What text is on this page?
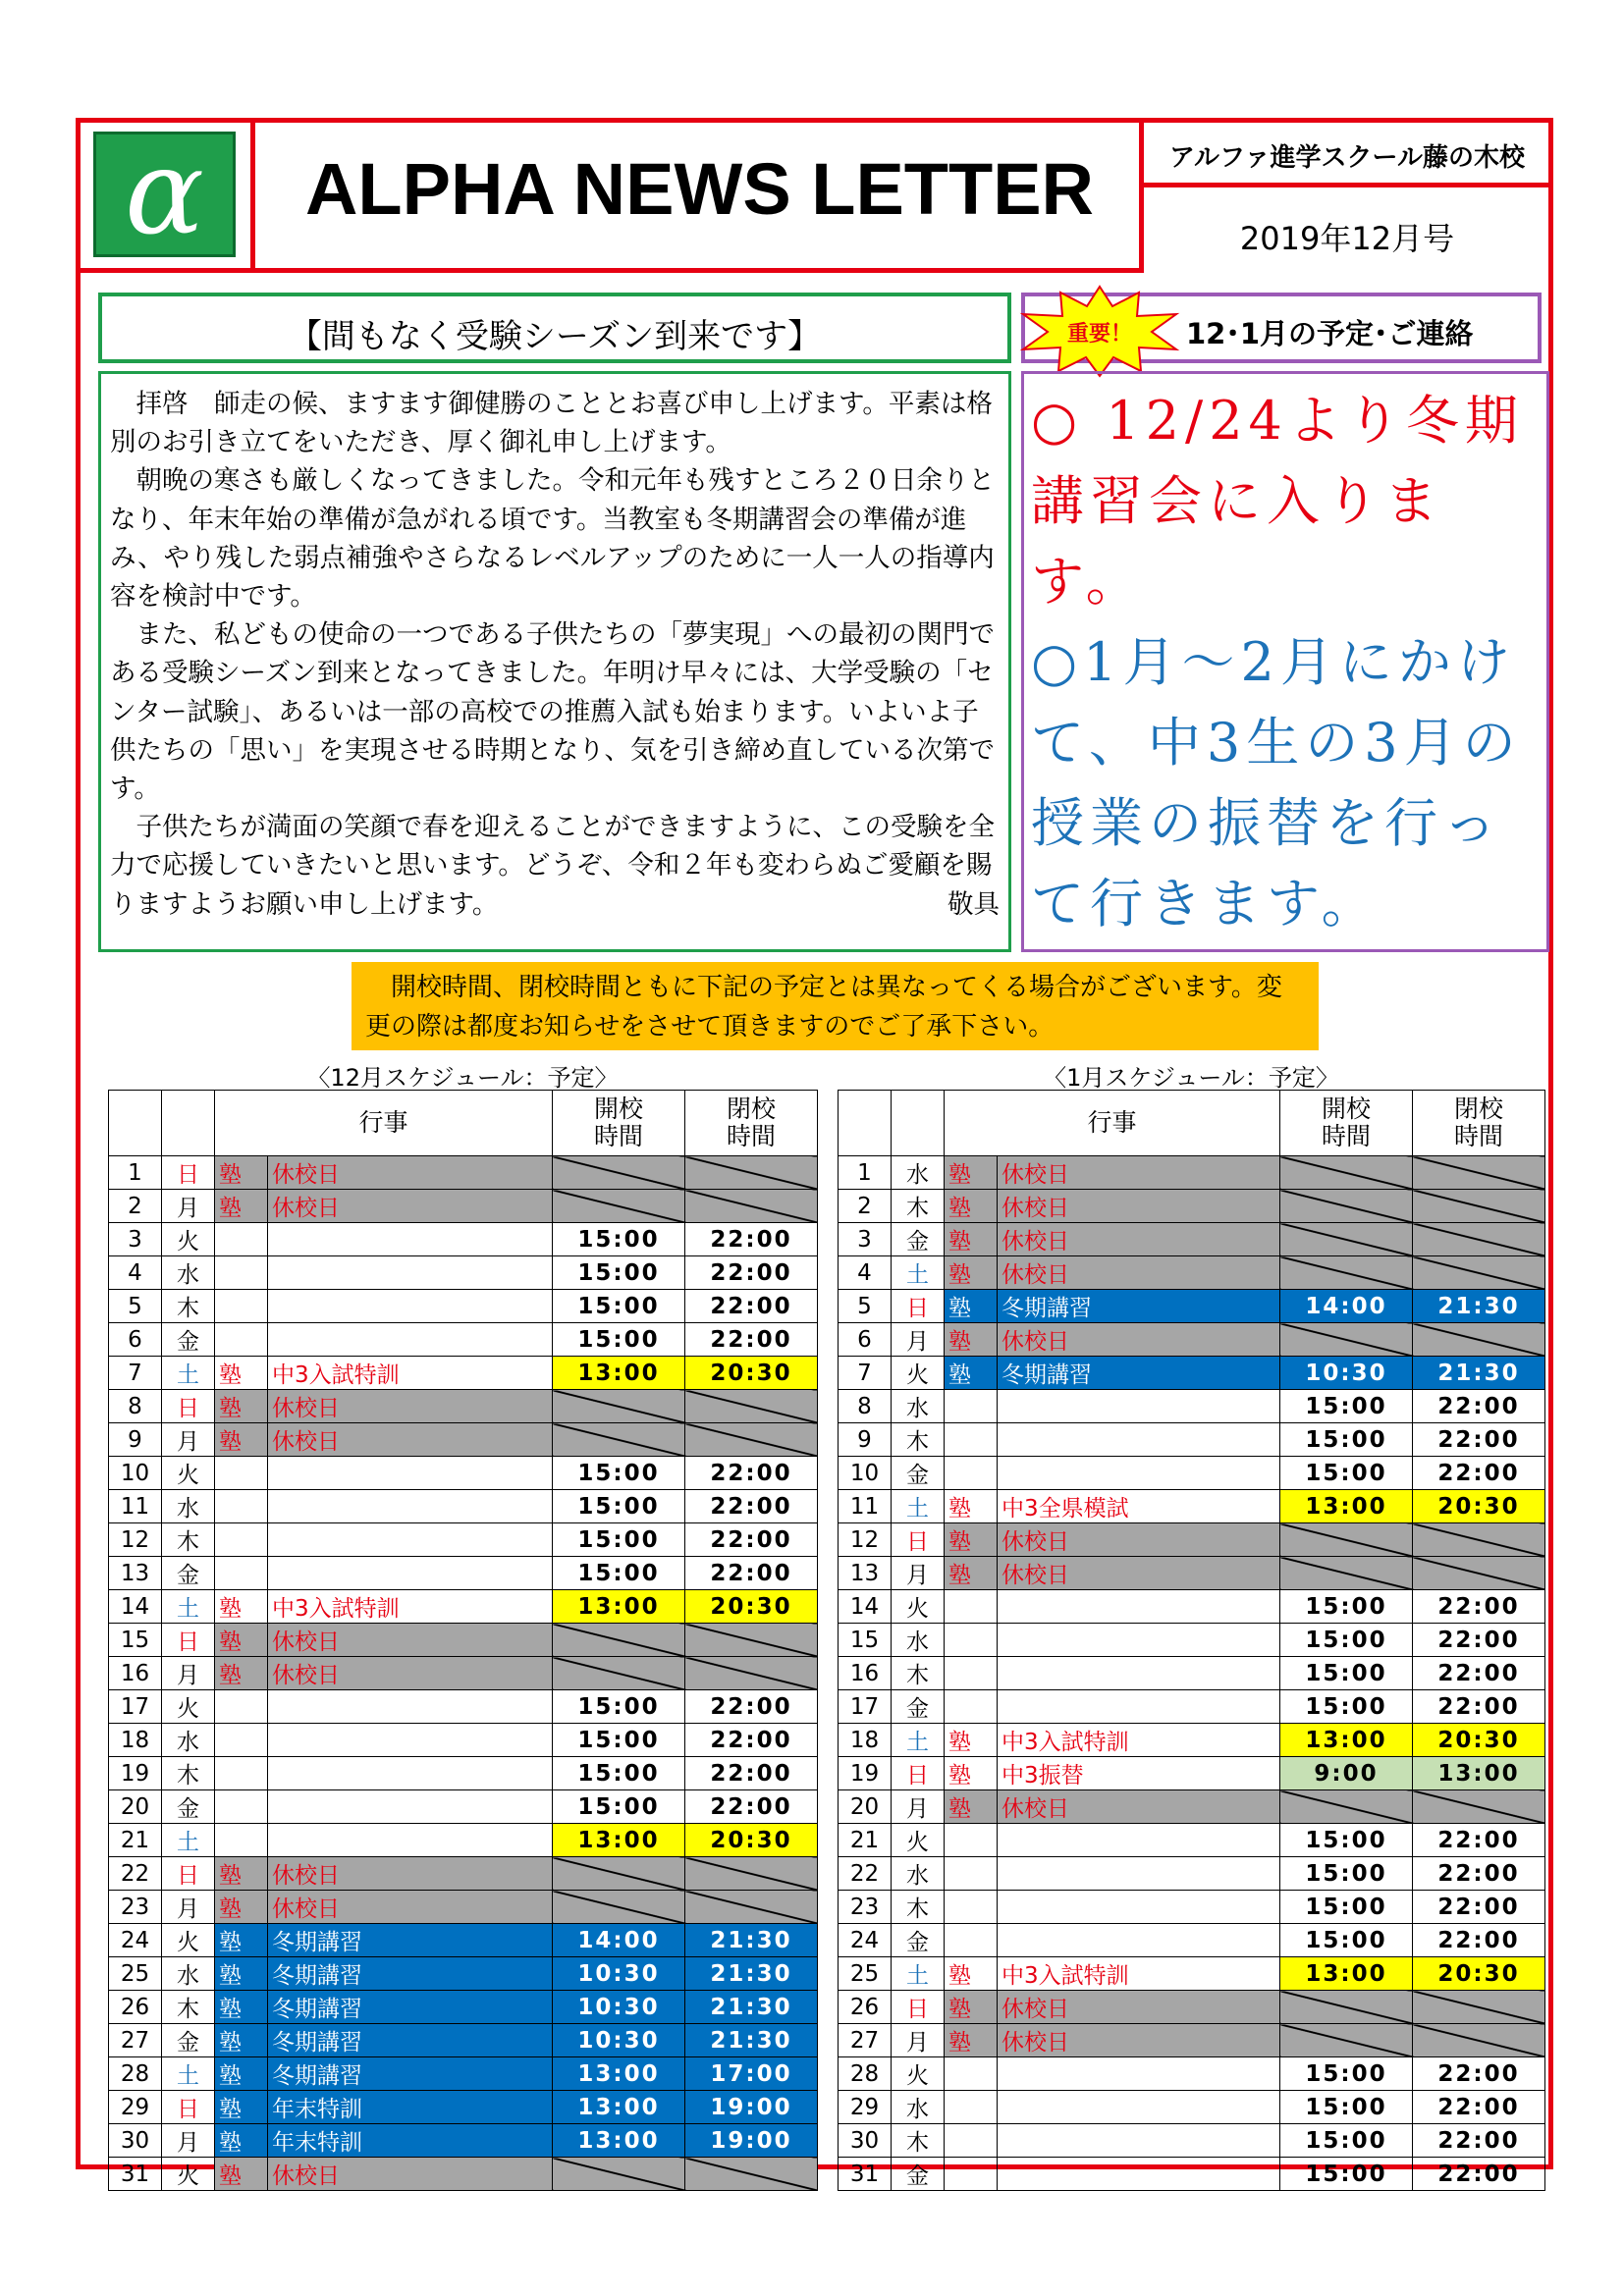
α	ALPHA NEWS LETTER	アルファ進学スクール藤の木校
2019年12月号
【間もなく受験シーズン到来です】

拝啓　師走の候、ますます御健勝のこととお喜び申し上げます。平素は格別のお引き立てをいただき、厚く御礼申し上げます。

朝晩の寒さも厳しくなってきました。令和元年も残すところ２０日余りとなり、年末年始の準備が急がれる頃です。当教室も冬期講習会の準備が進み、やり残した弱点補強やさらなるレベルアップのために一人一人の指導内容を検討中です。

また、私どもの使命の一つである子供たちの「夢実現」への最初の関門である受験シーズン到来となってきました。年明け早々には、大学受験の「センター試験」、あるいは一部の高校での推薦入試も始まります。いよいよ子供たちの「思い」を実現させる時期となり、気を引き締め直している次第です。

子供たちが満面の笑顔で春を迎えることができますように、この受験を全力で応援していきたいと思います。どうぞ、令和２年も変わらぬご愛顧を賜りますようお願い申し上げます。	敬具

重要！ 12･1月の予定･ご連絡
○ 12/24より冬期講習会に入ります。
○1月～2月にかけて、中3生の3月の授業の振替を行って行きます。
　開校時間、閉校時間ともに下記の予定とは異なってくる場合がございます。変更の際は都度お知らせをさせて頂きますのでご了承下さい。
〈12月スケジュール：予定〉
		行事		開校
時間	閉校
時間
1	日	塾	休校日		
2	月	塾	休校日		
3	火			15:00	22:00
4	水			15:00	22:00
5	木			15:00	22:00
6	金			15:00	22:00
7	土	塾	中3入試特訓	13:00	20:30
8	日	塾	休校日		
9	月	塾	休校日		
10	火			15:00	22:00
11	水			15:00	22:00
12	木			15:00	22:00
13	金			15:00	22:00
14	土	塾	中3入試特訓	13:00	20:30
15	日	塾	休校日		
16	月	塾	休校日		
17	火			15:00	22:00
18	水			15:00	22:00
19	木			15:00	22:00
20	金			15:00	22:00
21	土			13:00	20:30
22	日	塾	休校日		
23	月	塾	休校日		
24	火	塾	冬期講習	14:00	21:30
25	水	塾	冬期講習	10:30	21:30
26	木	塾	冬期講習	10:30	21:30
27	金	塾	冬期講習	10:30	21:30
28	土	塾	冬期講習	13:00	17:00
29	日	塾	年末特訓	13:00	19:00
30	月	塾	年末特訓	13:00	19:00
31	火	塾	休校日		
〈1月スケジュール：予定〉
		行事		開校
時間	閉校
時間
1	水	塾	休校日		
2	木	塾	休校日		
3	金	塾	休校日		
4	土	塾	休校日		
5	日	塾	冬期講習	14:00	21:30
6	月	塾	休校日		
7	火	塾	冬期講習	10:30	21:30
8	水			15:00	22:00
9	木			15:00	22:00
10	金			15:00	22:00
11	土	塾	中3全県模試	13:00	20:30
12	日	塾	休校日		
13	月	塾	休校日		
14	火			15:00	22:00
15	水			15:00	22:00
16	木			15:00	22:00
17	金			15:00	22:00
18	土	塾	中3入試特訓	13:00	20:30
19	日	塾	中3振替	9:00	13:00
20	月	塾	休校日		
21	火			15:00	22:00
22	水			15:00	22:00
23	木			15:00	22:00
24	金			15:00	22:00
25	土	塾	中3入試特訓	13:00	20:30
26	日	塾	休校日		
27	月	塾	休校日		
28	火			15:00	22:00
29	水			15:00	22:00
30	木			15:00	22:00
31	金			15:00	22:00
